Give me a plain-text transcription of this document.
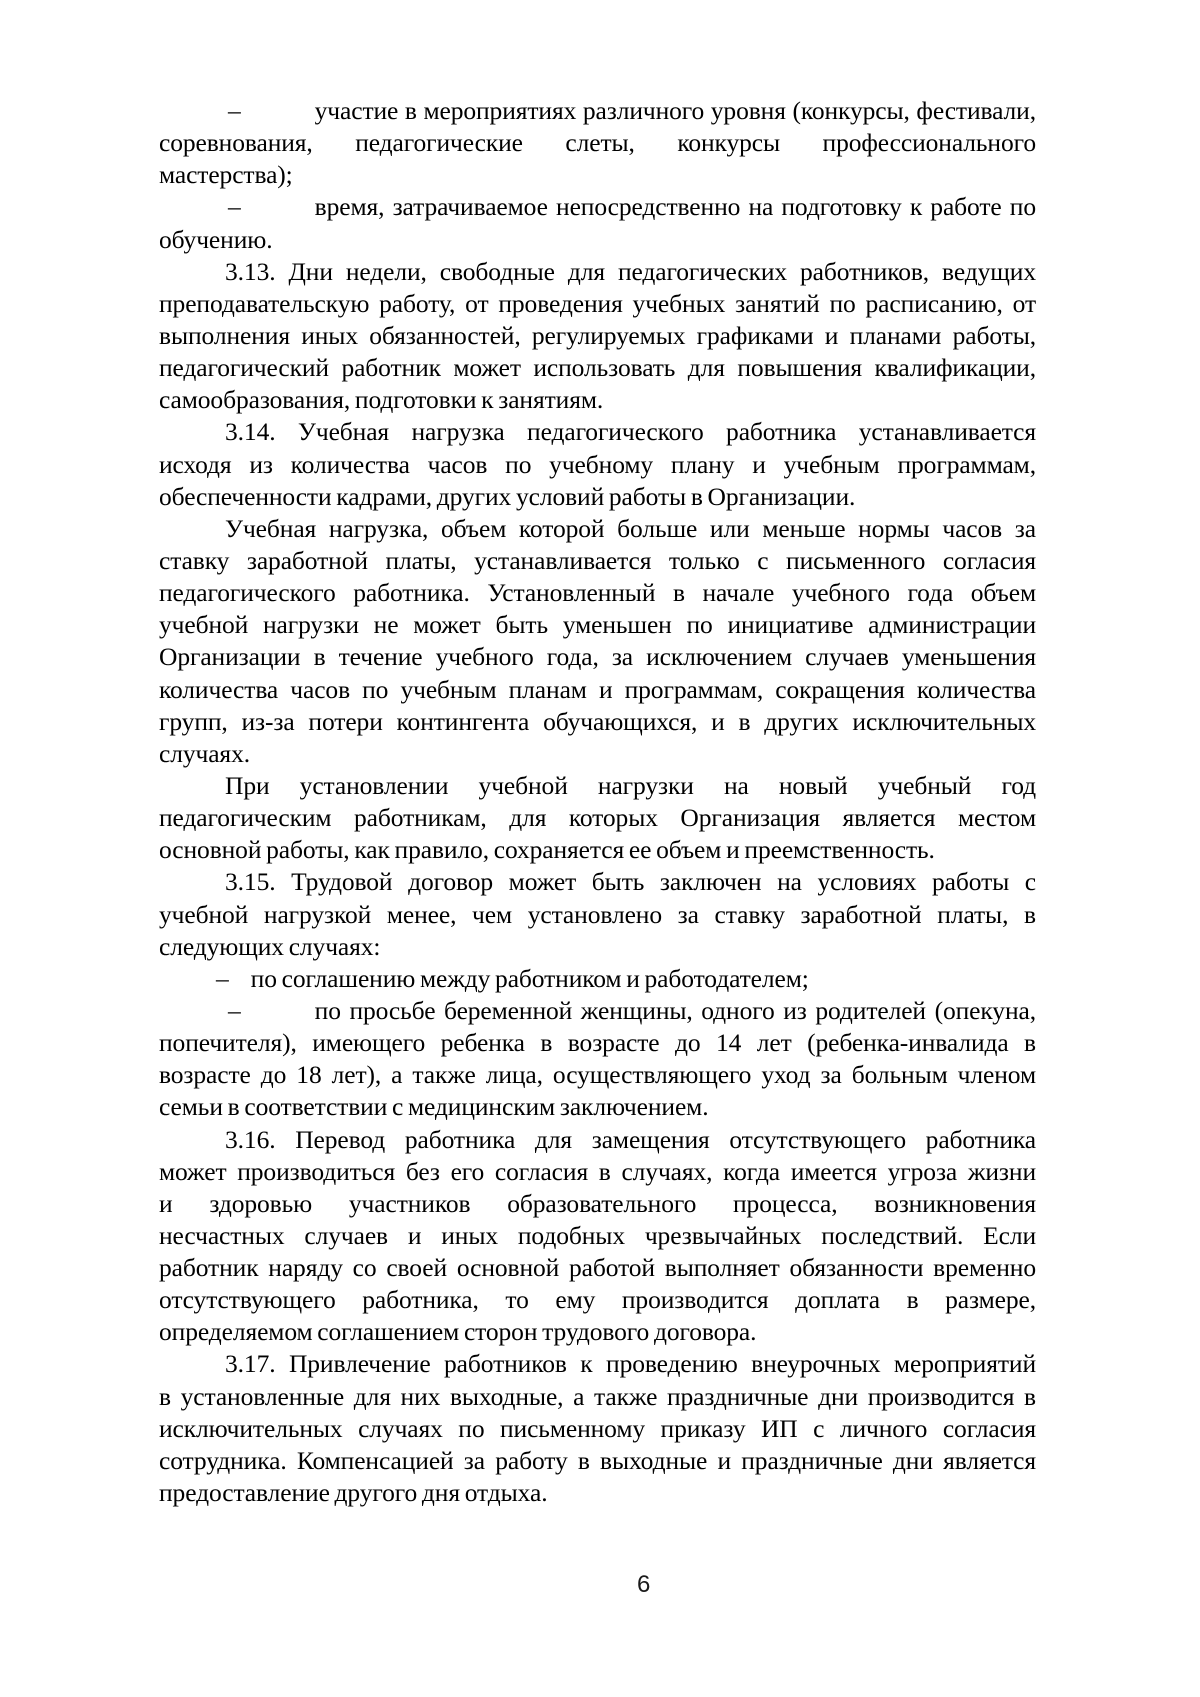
–	участие в мероприятиях различного уровня (конкурсы, фестивали,
соревнования, педагогические слеты, конкурсы профессионального
мастерства);
–	время, затрачиваемое непосредственно на подготовку к работе по
обучению.
3.13. Дни недели, свободные для педагогических работников, ведущих
преподавательскую работу, от проведения учебных занятий по расписанию, от
выполнения иных обязанностей, регулируемых графиками и планами работы,
педагогический работник может использовать для повышения квалификации,
самообразования, подготовки к занятиям.
3.14. Учебная нагрузка педагогического работника устанавливается
исходя из количества часов по учебному плану и учебным программам,
обеспеченности кадрами, других условий работы в Организации.
Учебная нагрузка, объем которой больше или меньше нормы часов за
ставку заработной платы, устанавливается только с письменного согласия
педагогического работника. Установленный в начале учебного года объем
учебной нагрузки не может быть уменьшен по инициативе администрации
Организации в течение учебного года, за исключением случаев уменьшения
количества часов по учебным планам и программам, сокращения количества
групп, из-за потери контингента обучающихся, и в других исключительных
случаях.
При установлении учебной нагрузки на новый учебный год
педагогическим работникам, для которых Организация является местом
основной работы, как правило, сохраняется ее объем и преемственность.
3.15. Трудовой договор может быть заключен на условиях работы с
учебной нагрузкой менее, чем установлено за ставку заработной платы, в
следующих случаях:
– по соглашению между работником и работодателем;
–	по просьбе беременной женщины, одного из родителей (опекуна,
попечителя), имеющего ребенка в возрасте до 14 лет (ребенка-инвалида в
возрасте до 18 лет), а также лица, осуществляющего уход за больным членом
семьи в соответствии с медицинским заключением.
3.16. Перевод работника для замещения отсутствующего работника
может производиться без его согласия в случаях, когда имеется угроза жизни
и здоровью участников образовательного процесса, возникновения
несчастных случаев и иных подобных чрезвычайных последствий. Если
работник наряду со своей основной работой выполняет обязанности временно
отсутствующего работника, то ему производится доплата в размере,
определяемом соглашением сторон трудового договора.
3.17. Привлечение работников к проведению внеурочных мероприятий
в установленные для них выходные, а также праздничные дни производится в
исключительных случаях по письменному приказу ИП с личного согласия
сотрудника. Компенсацией за работу в выходные и праздничные дни является
предоставление другого дня отдыха.
6
